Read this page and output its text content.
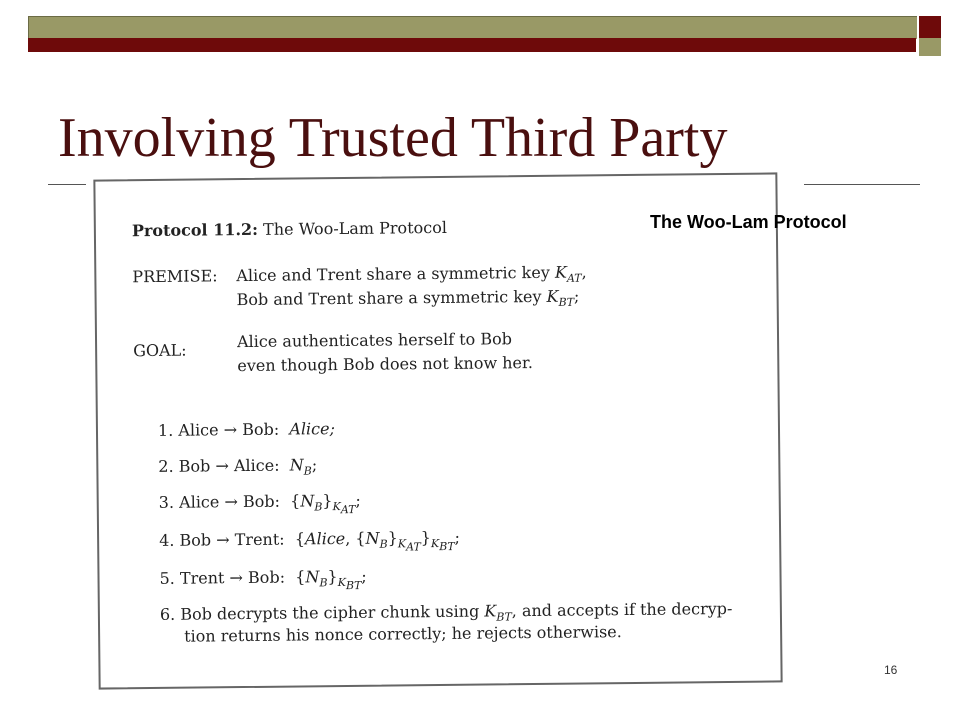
Involving Trusted Third Party
Protocol 11.2: The Woo-Lam Protocol
PREMISE: Alice and Trent share a symmetric key $K_{AT}$,
Bob and Trent share a symmetric key $K_{BT}$;
GOAL:	Alice authenticates herself to Bob
even though Bob does not know her.
1. Alice → Bob:  Alice;
2. Bob → Alice:  $N_B$;
3. Alice → Bob:  $\{N_B\}_{K_{AT}}$;
4. Bob → Trent:  {Alice, $\{N_B\}_{K_{AT}}\}_{K_{BT}}$;
5. Trent → Bob:  $\{N_B\}_{K_{BT}}$;
6. Bob decrypts the cipher chunk using $K_{BT}$, and accepts if the decryp-
tion returns his nonce correctly; he rejects otherwise.
The Woo-Lam Protocol
16
